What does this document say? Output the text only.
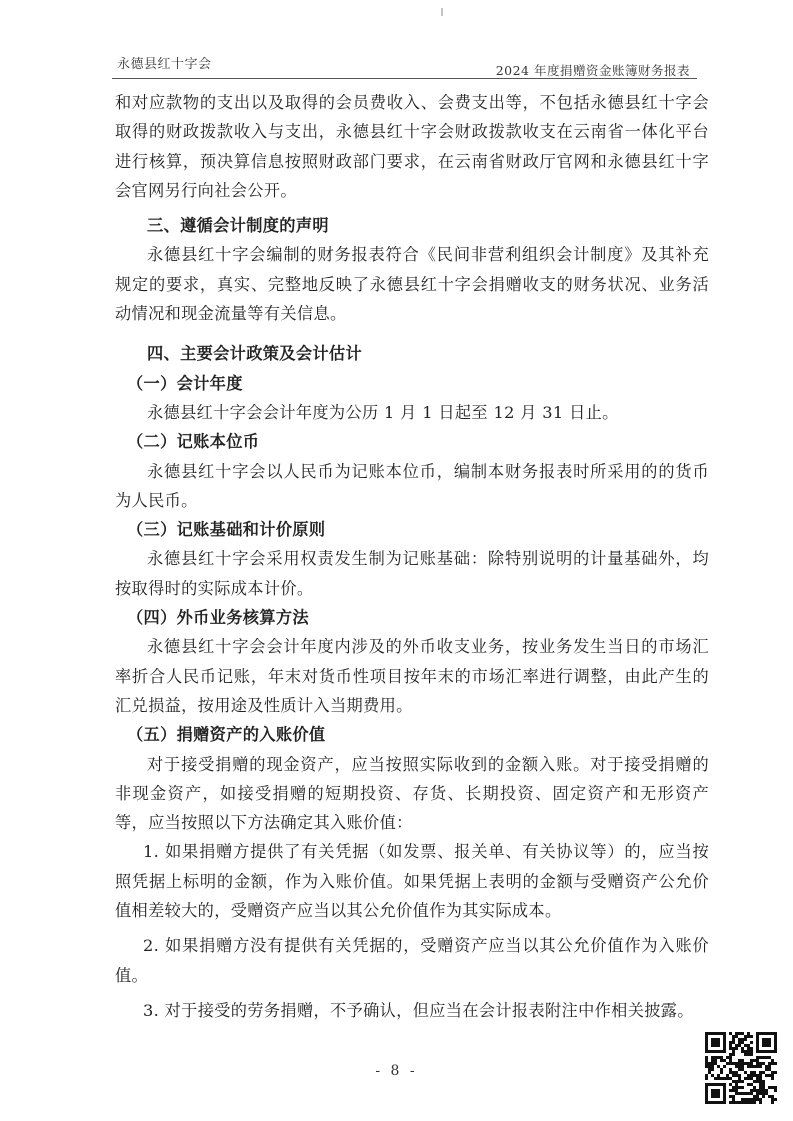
永德县红十字会	2024 年度捐赠资金账簿财务报表

和对应款物的支出以及取得的会员费收入、会费支出等，不包括永德县红十字会取得的财政拨款收入与支出，永德县红十字会财政拨款收支在云南省一体化平台进行核算，预决算信息按照财政部门要求，在云南省财政厅官网和永德县红十字会官网另行向社会公开。

三、遵循会计制度的声明

永德县红十字会编制的财务报表符合《民间非营利组织会计制度》及其补充规定的要求，真实、完整地反映了永德县红十字会捐赠收支的财务状况、业务活动情况和现金流量等有关信息。

四、主要会计政策及会计估计

（一）会计年度

永德县红十字会会计年度为公历 1 月 1 日起至 12 月 31 日止。

（二）记账本位币

永德县红十字会以人民币为记账本位币，编制本财务报表时所采用的的货币为人民币。

（三）记账基础和计价原则

永德县红十字会采用权责发生制为记账基础：除特别说明的计量基础外，均按取得时的实际成本计价。

（四）外币业务核算方法

永德县红十字会会计年度内涉及的外币收支业务，按业务发生当日的市场汇率折合人民币记账，年末对货币性项目按年末的市场汇率进行调整，由此产生的汇兑损益，按用途及性质计入当期费用。

（五）捐赠资产的入账价值

对于接受捐赠的现金资产，应当按照实际收到的金额入账。对于接受捐赠的非现金资产，如接受捐赠的短期投资、存货、长期投资、固定资产和无形资产等，应当按照以下方法确定其入账价值：

1. 如果捐赠方提供了有关凭据（如发票、报关单、有关协议等）的，应当按照凭据上标明的金额，作为入账价值。如果凭据上表明的金额与受赠资产公允价值相差较大的，受赠资产应当以其公允价值作为其实际成本。

2. 如果捐赠方没有提供有关凭据的，受赠资产应当以其公允价值作为入账价值。

3. 对于接受的劳务捐赠，不予确认，但应当在会计报表附注中作相关披露。

- 8 -
